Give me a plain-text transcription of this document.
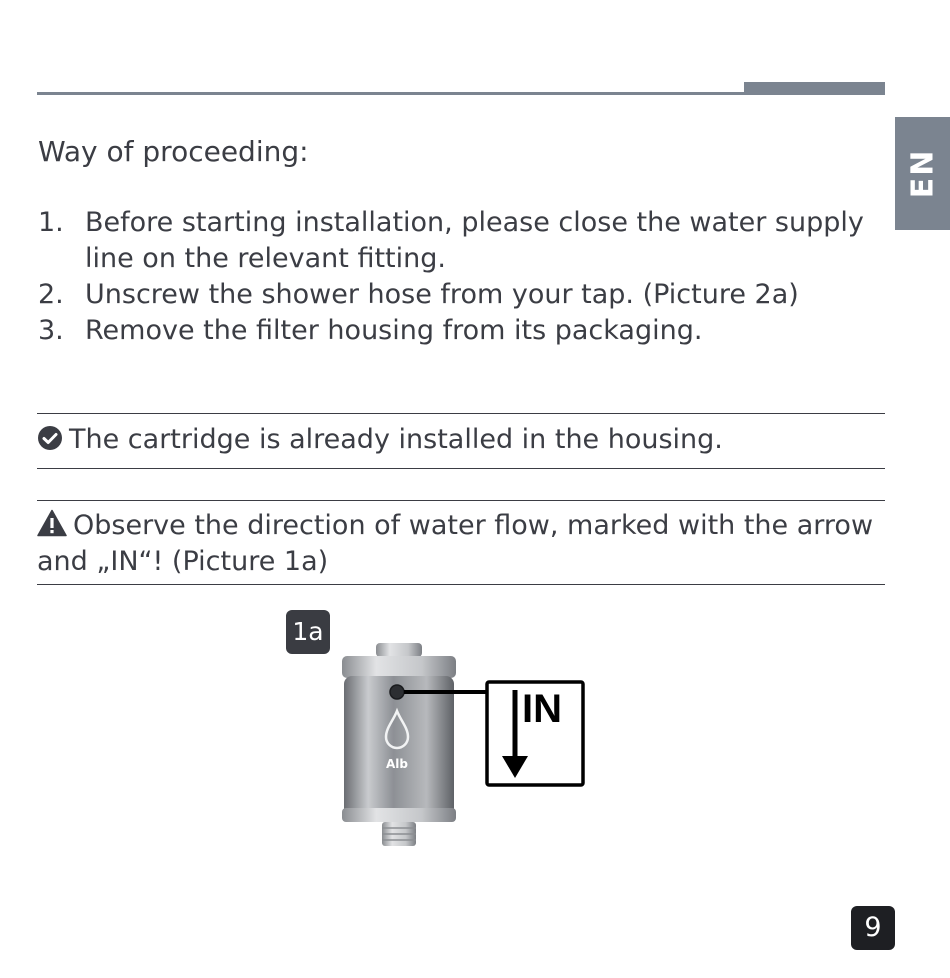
EN
Way of proceeding:
1. Before starting installation, please close the water supply line on the relevant fitting.
2. Unscrew the shower hose from your tap. (Picture 2a)
3. Remove the filter housing from its packaging.
The cartridge is already installed in the housing.
Observe the direction of water flow, marked with the arrow and „IN“! (Picture 1a)
Alb
IN
1a
9
